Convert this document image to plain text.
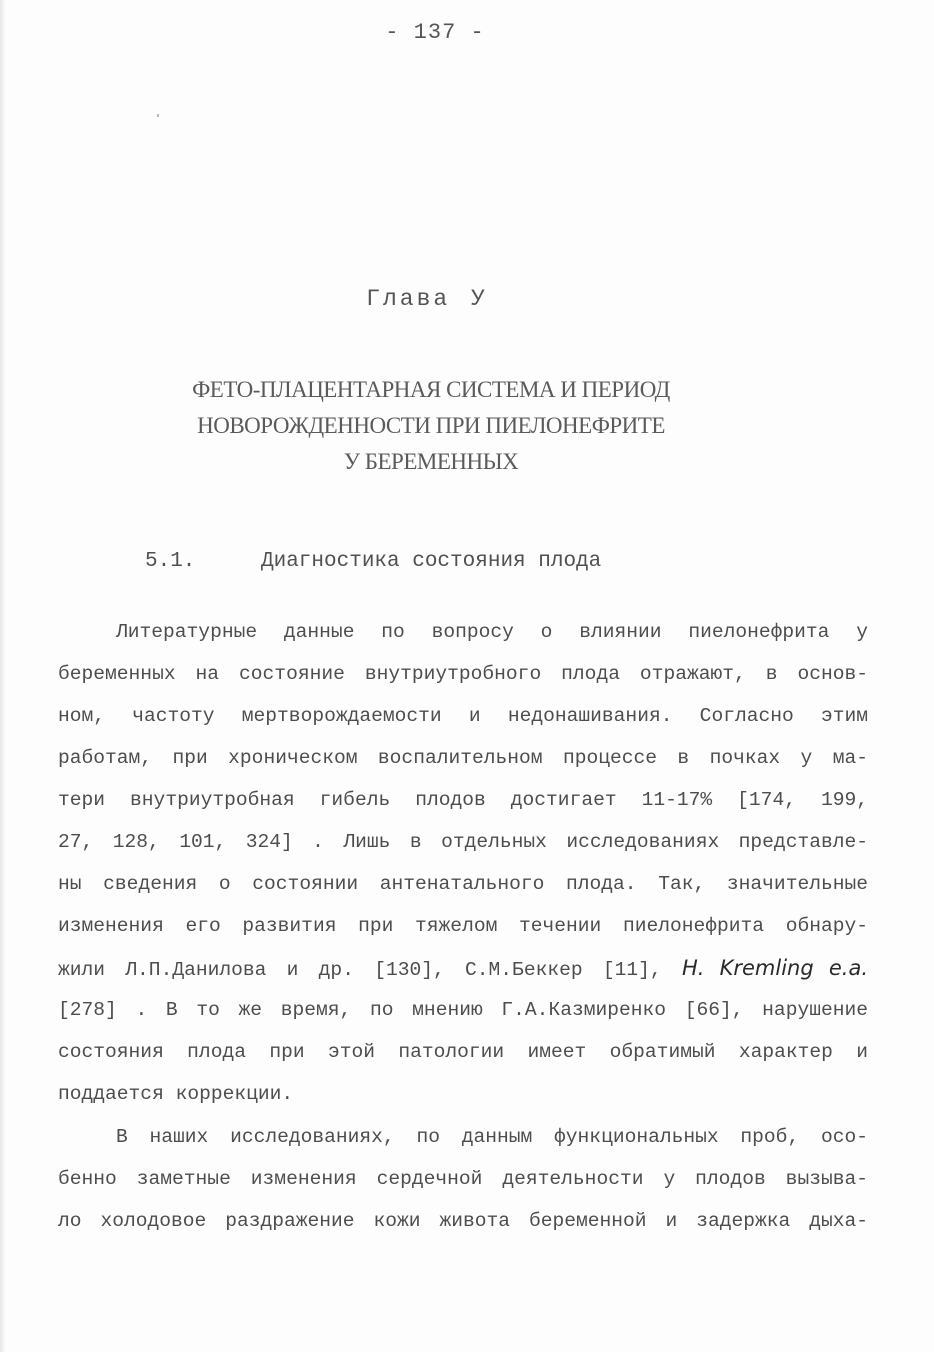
- 137 -
Глава У
ФЕТО-ПЛАЦЕНТАРНАЯ СИСТЕМА И ПЕРИОД
НОВОРОЖДЕННОСТИ ПРИ ПИЕЛОНЕФРИТЕ
У БЕРЕМЕННЫХ
5.1.	Диагностика состояния плода
Литературные данные по вопросу о влиянии пиелонефрита у
беременных на состояние внутриутробного плода отражают, в основ-
ном, частоту мертворождаемости и недонашивания. Согласно этим
работам, при хроническом воспалительном процессе в почках у ма-
тери внутриутробная гибель плодов достигает 11-17% [174, 199,
27, 128, 101, 324] . Лишь в отдельных исследованиях представле-
ны сведения о состоянии антенатального плода. Так, значительные
изменения его развития при тяжелом течении пиелонефрита обнару-
жили Л.П.Данилова и др. [130], С.М.Беккер [11], H. Kremling e.a.
[278] . В то же время, по мнению Г.А.Казмиренко [66], нарушение
состояния плода при этой патологии имеет обратимый характер и
поддается коррекции.
В наших исследованиях, по данным функциональных проб, осо-
бенно заметные изменения сердечной деятельности у плодов вызыва-
ло холодовое раздражение кожи живота беременной и задержка дыха-
